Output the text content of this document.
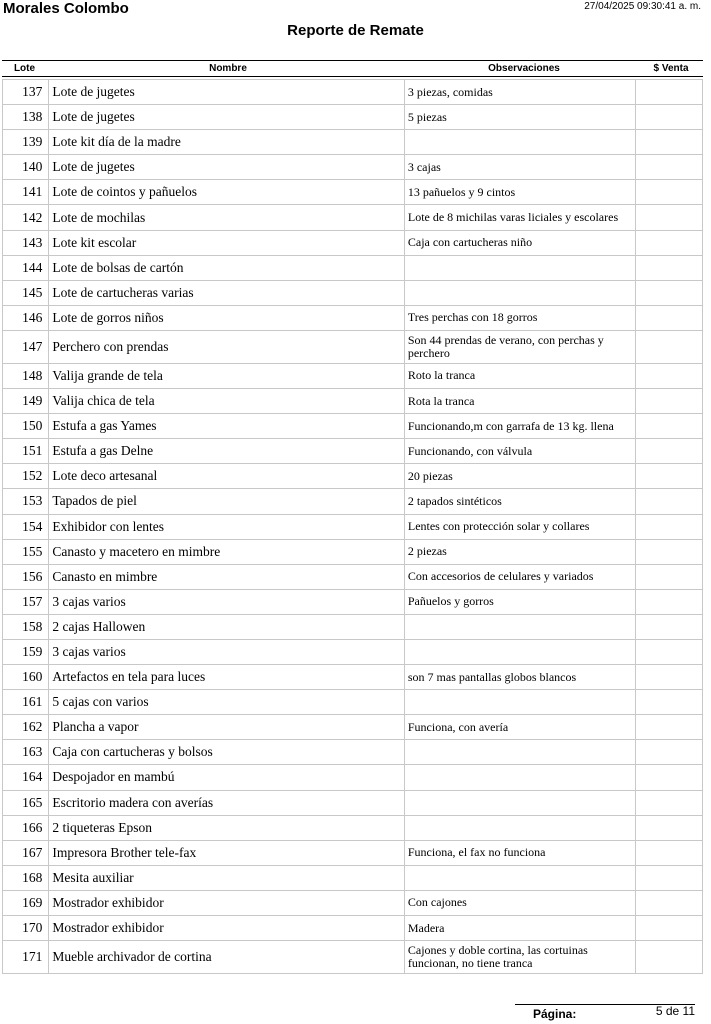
Morales Colombo	27/04/2025 09:30:41 a. m.
Reporte de Remate
Lote	Nombre	Observaciones	$ Venta
137	Lote de jugetes	3 piezas, comidas	
138	Lote de jugetes	5 piezas	
139	Lote kit día de la madre		
140	Lote de jugetes	3 cajas	
141	Lote de cointos y pañuelos	13 pañuelos y 9 cintos	
142	Lote de mochilas	Lote de 8 michilas varas liciales y escolares	
143	Lote kit escolar	Caja con cartucheras niño	
144	Lote de bolsas de cartón		
145	Lote de cartucheras varias		
146	Lote de gorros niños	Tres perchas con 18 gorros	
147	Perchero con prendas	Son 44 prendas de verano, con perchas y perchero	
148	Valija grande de tela	Roto la tranca	
149	Valija chica de tela	Rota la tranca	
150	Estufa a gas Yames	Funcionando,m con garrafa de 13 kg. llena	
151	Estufa a gas Delne	Funcionando, con válvula	
152	Lote deco artesanal	20 piezas	
153	Tapados de piel	2 tapados sintéticos	
154	Exhibidor con lentes	Lentes con protección solar y collares	
155	Canasto y macetero en mimbre	2 piezas	
156	Canasto en mimbre	Con accesorios de celulares y variados	
157	3 cajas varios	Pañuelos y gorros	
158	2 cajas Hallowen		
159	3 cajas varios		
160	Artefactos en tela para luces	son 7 mas pantallas globos blancos	
161	5 cajas con varios		
162	Plancha a vapor	Funciona, con avería	
163	Caja con cartucheras y bolsos		
164	Despojador en mambú		
165	Escritorio madera con averías		
166	2 tiqueteras Epson		
167	Impresora Brother tele-fax	Funciona, el fax no funciona	
168	Mesita auxiliar		
169	Mostrador exhibidor	Con cajones	
170	Mostrador exhibidor	Madera	
171	Mueble archivador de cortina	Cajones y doble cortina, las cortuinas funcionan, no tiene tranca	
Página:	5 de 11
